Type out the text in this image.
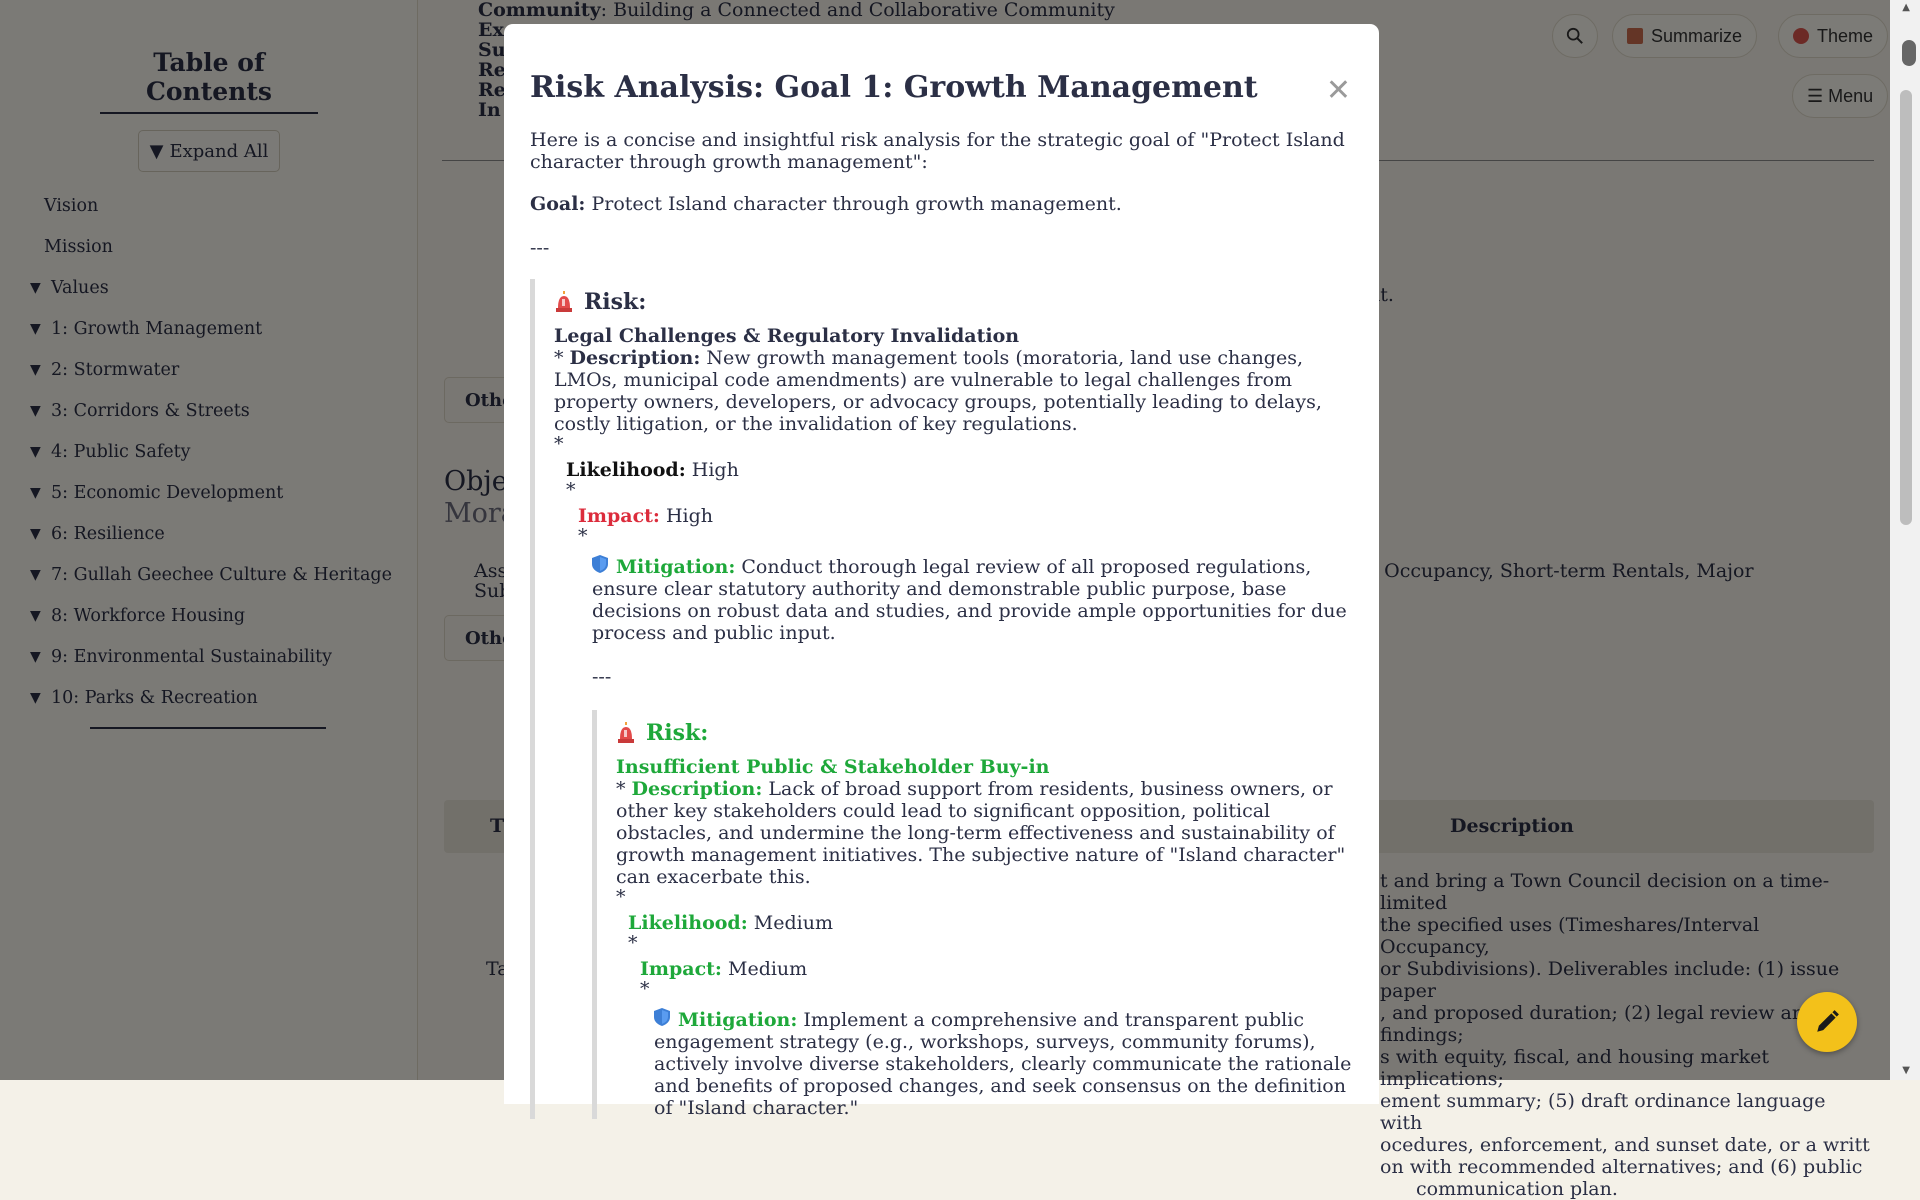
ement summary; (5) draft ordinance language with
ocedures, enforcement, and sunset date, or a writt
on with recommended alternatives; and (6) public
communication plan.
▲
▼
✕
Risk Analysis: Goal 1: Growth Management

Here is a concise and insightful risk analysis for the strategic goal of "Protect Island character through growth management":

Goal: Protect Island character through growth management.

---

Risk:
Legal Challenges & Regulatory Invalidation
* Description: New growth management tools (moratoria, land use changes, LMOs, municipal code amendments) are vulnerable to legal challenges from property owners, developers, or advocacy groups, potentially leading to delays, costly litigation, or the invalidation of key regulations.
*
Likelihood: High
*
Impact: High
*
Mitigation: Conduct thorough legal review of all proposed regulations, ensure clear statutory authority and demonstrable public purpose, base decisions on robust data and studies, and provide ample opportunities for due process and public input.
---
Risk:
Insufficient Public & Stakeholder Buy-in
* Description: Lack of broad support from residents, business owners, or other key stakeholders could lead to significant opposition, political obstacles, and undermine the long-term effectiveness and sustainability of growth management initiatives. The subjective nature of "Island character" can exacerbate this.
*
Likelihood: Medium
*
Impact: Medium
*
Mitigation: Implement a comprehensive and transparent public engagement strategy (e.g., workshops, surveys, community forums), actively involve diverse stakeholders, clearly communicate the rationale and benefits of proposed changes, and seek consensus on the definition of "Island character."
